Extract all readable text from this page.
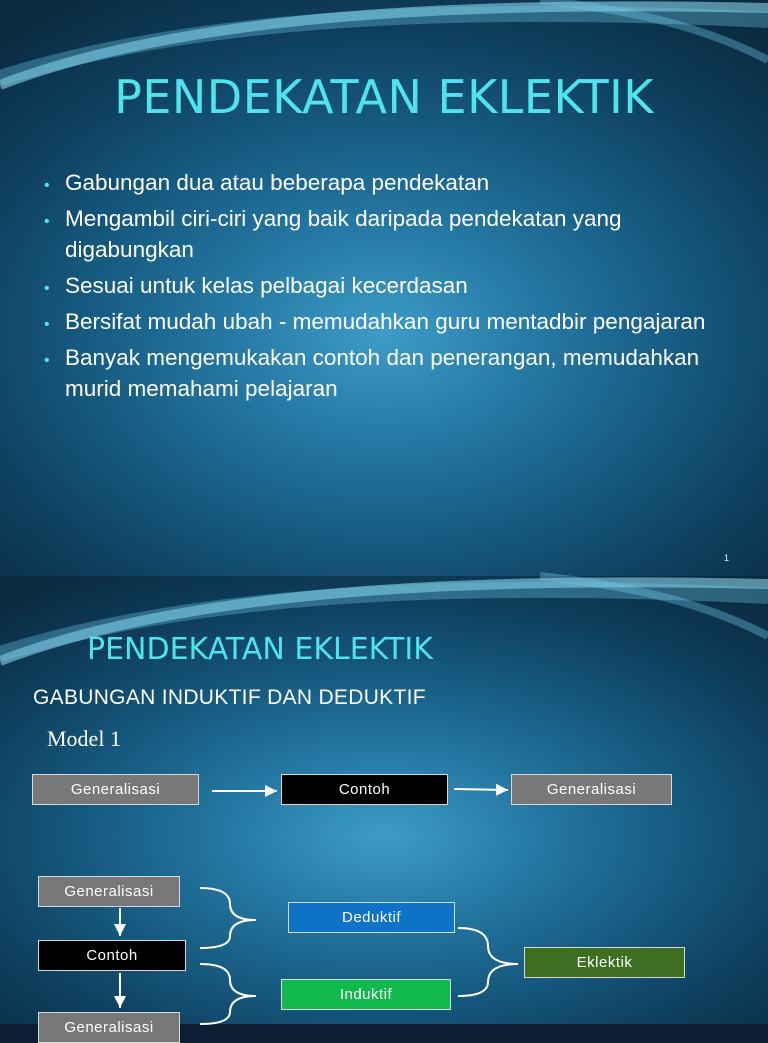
PENDEKATAN EKLEKTIK
• Gabungan dua atau beberapa pendekatan
• Mengambil ciri-ciri yang baik daripada pendekatan yang digabungkan
• Sesuai untuk kelas pelbagai kecerdasan
• Bersifat mudah ubah - memudahkan guru mentadbir pengajaran
• Banyak mengemukakan contoh dan penerangan, memudahkan murid memahami pelajaran
1
PENDEKATAN EKLEKTIK
GABUNGAN INDUKTIF DAN DEDUKTIF
Model 1
Generalisasi	Contoh	Generalisasi
Generalisasi
Contoh
Generalisasi
Deduktif
Induktif
Eklektik
